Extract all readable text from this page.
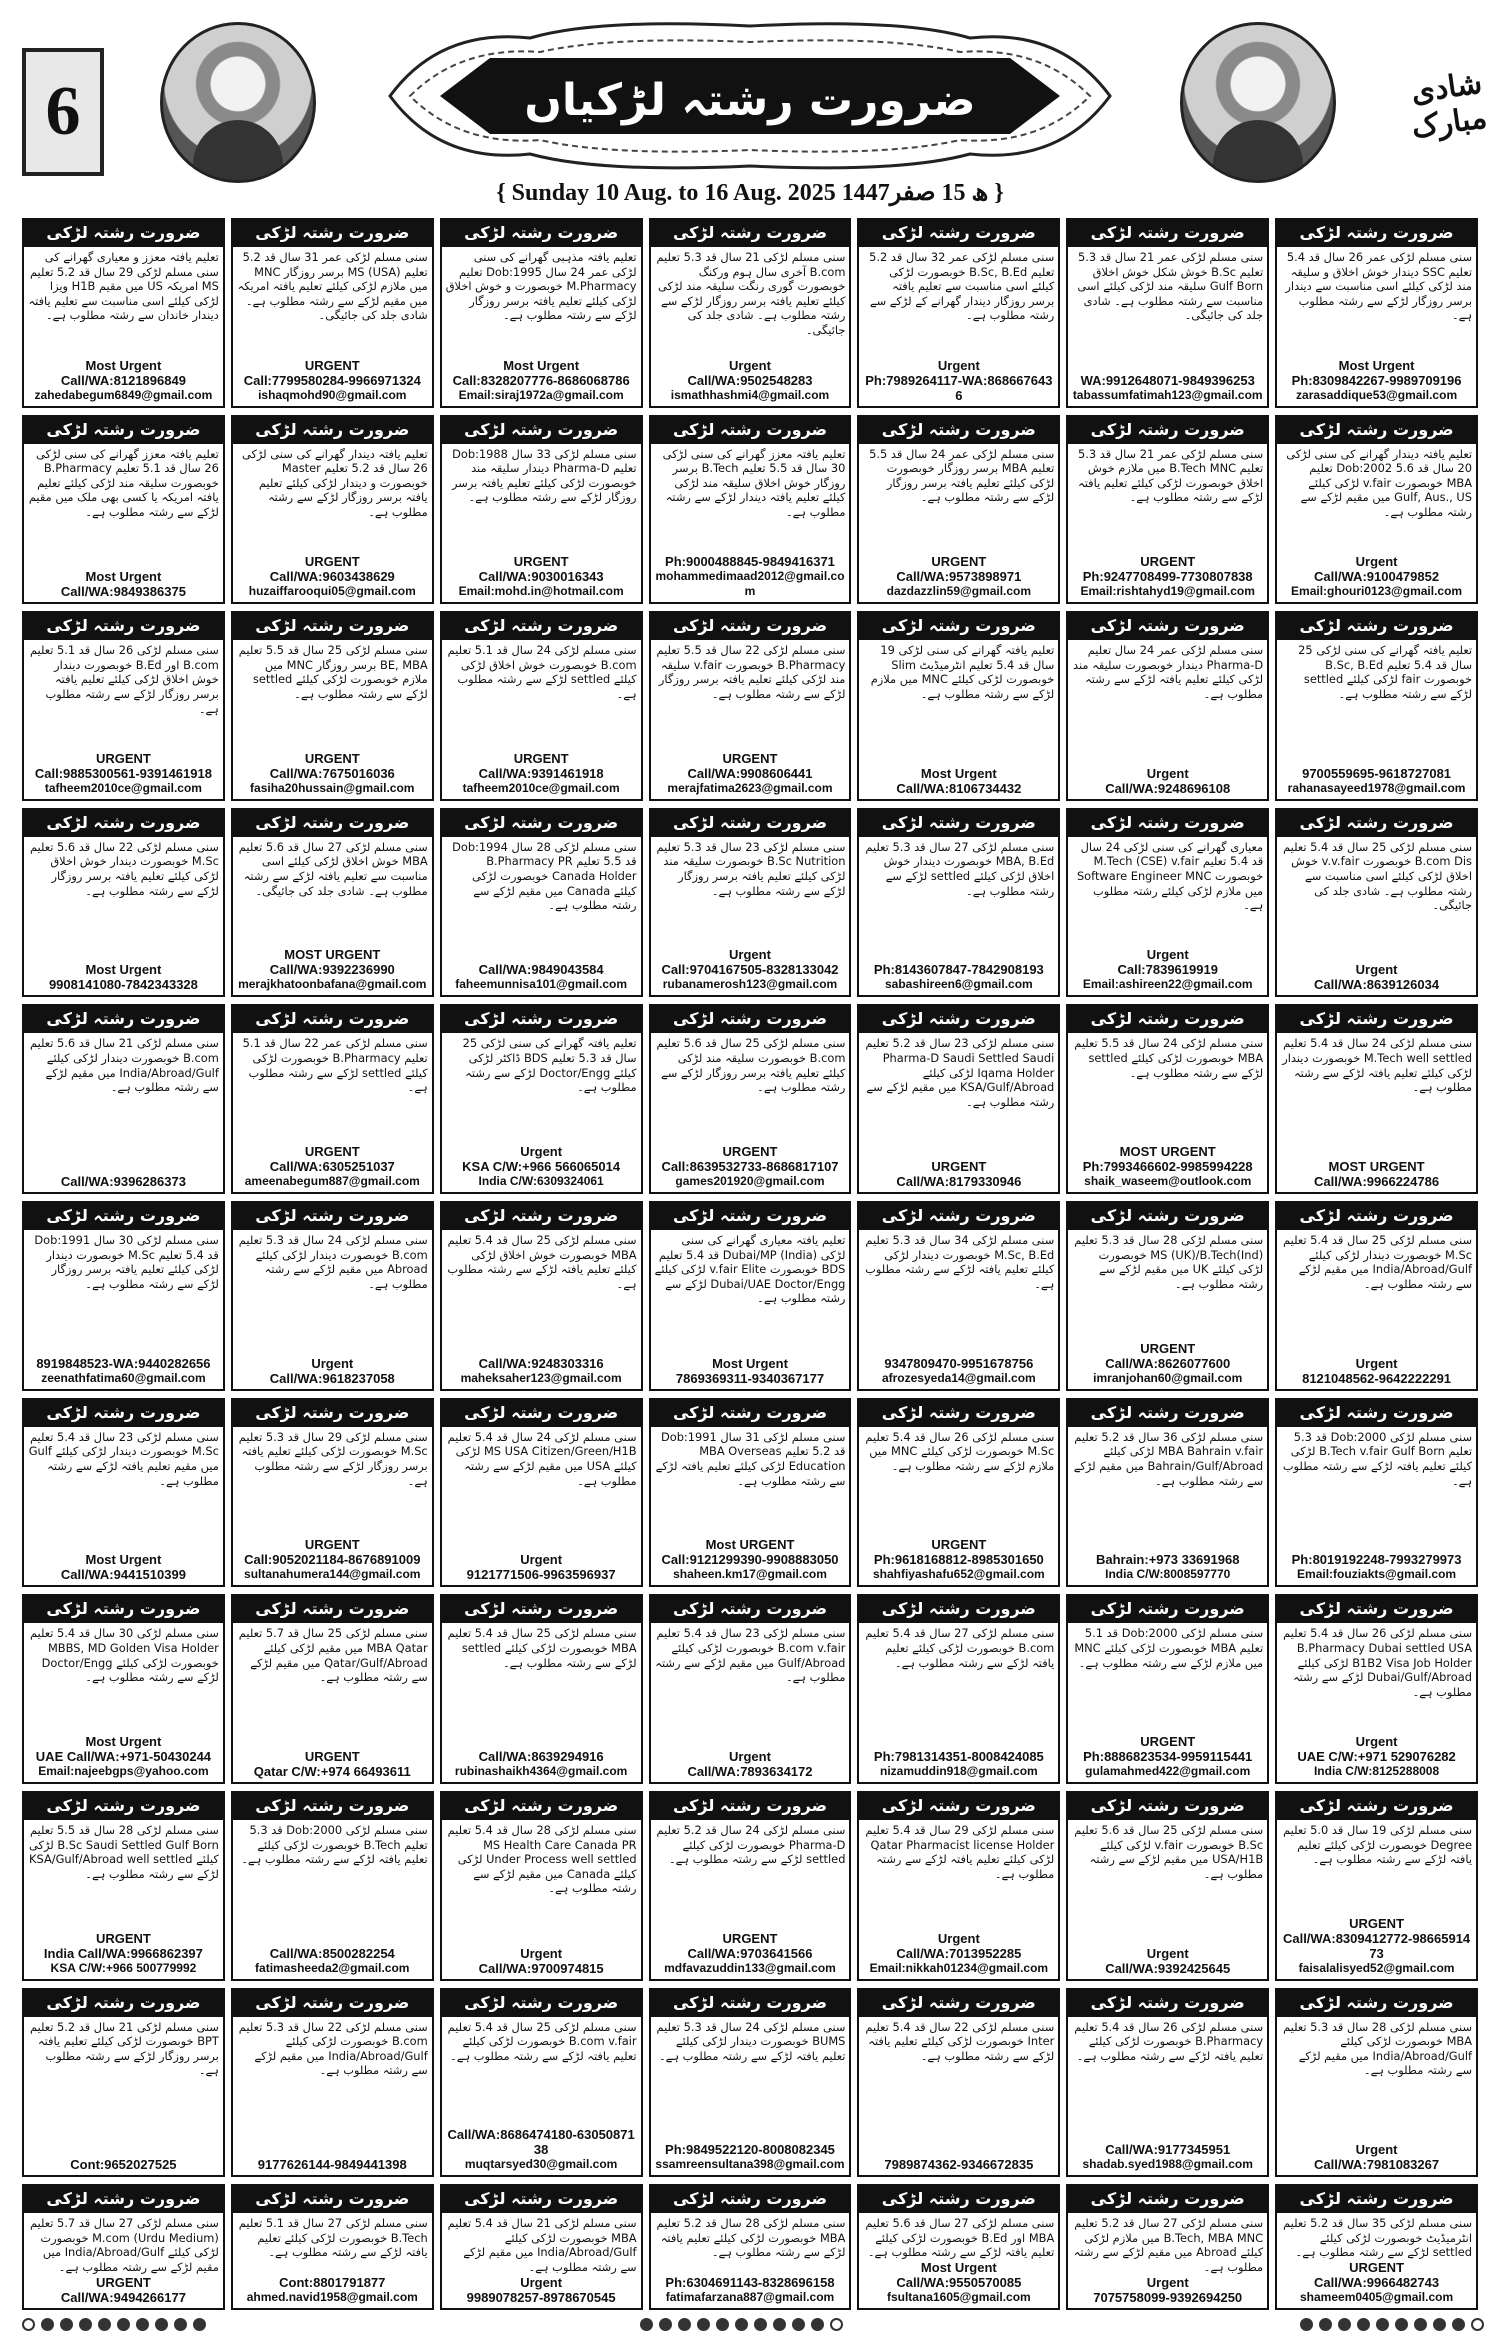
6	ضرورت رشتہ لڑکیاں	شادی مبارک
{ Sunday 10 Aug. to 16 Aug. 2025 1447ھ 15 صفر }
ضرورت رشتہ لڑکی
تعلیم یافتہ معزز و معیاری گھرانے کی سنی مسلم لڑکی 29 سال قد 5.2 تعلیم MS امریکہ US میں مقیم H1B ویزا لڑکی کیلئے اسی مناسبت سے تعلیم یافتہ دیندار خاندان سے رشتہ مطلوب ہے۔
Most Urgent
Call/WA:8121896849
zahedabegum6849@gmail.com
ضرورت رشتہ لڑکی
سنی مسلم لڑکی عمر 31 سال قد 5.2 تعلیم MS (USA) برسر روزگار MNC میں ملازم لڑکی کیلئے تعلیم یافتہ امریکہ میں مقیم لڑکے سے رشتہ مطلوب ہے۔ شادی جلد کی جائیگی۔
URGENT
Call:7799580284-9966971324
ishaqmohd90@gmail.com
ضرورت رشتہ لڑکی
تعلیم یافتہ مذہبی گھرانے کی سنی لڑکی عمر 24 سال Dob:1995 تعلیم M.Pharmacy خوبصورت و خوش اخلاق لڑکی کیلئے تعلیم یافتہ برسر روزگار لڑکے سے رشتہ مطلوب ہے۔
Most Urgent
Call:8328207776-8686068786
Email:siraj1972a@gmail.com
ضرورت رشتہ لڑکی
سنی مسلم لڑکی 21 سال قد 5.3 تعلیم B.com آخری سال ہوم ورکنگ خوبصورت گوری رنگت سلیقہ مند لڑکی کیلئے تعلیم یافتہ برسر روزگار لڑکے سے رشتہ مطلوب ہے۔ شادی جلد کی جائیگی۔
Urgent
Call/WA:9502548283
ismathhashmi4@gmail.com
ضرورت رشتہ لڑکی
سنی مسلم لڑکی عمر 32 سال قد 5.2 تعلیم B.Sc, B.Ed خوبصورت لڑکی کیلئے اسی مناسبت سے تعلیم یافتہ برسر روزگار دیندار گھرانے کے لڑکے سے رشتہ مطلوب ہے۔
Urgent
Ph:7989264117-WA:8686676436
ضرورت رشتہ لڑکی
سنی مسلم لڑکی عمر 21 سال قد 5.3 تعلیم B.Sc خوش شکل خوش اخلاق Gulf Born سلیقہ مند لڑکی کیلئے اسی مناسبت سے رشتہ مطلوب ہے۔ شادی جلد کی جائیگی۔
WA:9912648071-9849396253
tabassumfatimah123@gmail.com
ضرورت رشتہ لڑکی
سنی مسلم لڑکی عمر 26 سال قد 5.4 تعلیم SSC دیندار خوش اخلاق و سلیقہ مند لڑکی کیلئے اسی مناسبت سے دیندار برسر روزگار لڑکے سے رشتہ مطلوب ہے۔
Most Urgent
Ph:8309842267-9989709196
zarasaddique53@gmail.com
ضرورت رشتہ لڑکی
تعلیم یافتہ معزز گھرانے کی سنی لڑکی 26 سال قد 5.1 تعلیم B.Pharmacy خوبصورت سلیقہ مند لڑکی کیلئے تعلیم یافتہ امریکہ یا کسی بھی ملک میں مقیم لڑکے سے رشتہ مطلوب ہے۔
Most Urgent
Call/WA:9849386375
ضرورت رشتہ لڑکی
تعلیم یافتہ دیندار گھرانے کی سنی لڑکی 26 سال قد 5.2 تعلیم Master خوبصورت و دیندار لڑکی کیلئے تعلیم یافتہ برسر روزگار لڑکے سے رشتہ مطلوب ہے۔
URGENT
Call/WA:9603438629
huzaiffarooqui05@gmail.com
ضرورت رشتہ لڑکی
سنی مسلم لڑکی 33 سال Dob:1988 تعلیم Pharma-D دیندار سلیقہ مند خوبصورت لڑکی کیلئے تعلیم یافتہ برسر روزگار لڑکے سے رشتہ مطلوب ہے۔
URGENT
Call/WA:9030016343
Email:mohd.in@hotmail.com
ضرورت رشتہ لڑکی
تعلیم یافتہ معزز گھرانے کی سنی لڑکی 30 سال قد 5.5 تعلیم B.Tech برسر روزگار خوش اخلاق سلیقہ مند لڑکی کیلئے تعلیم یافتہ دیندار لڑکے سے رشتہ مطلوب ہے۔
Ph:9000488845-9849416371
mohammedimaad2012@gmail.com
ضرورت رشتہ لڑکی
سنی مسلم لڑکی عمر 24 سال قد 5.5 تعلیم MBA برسر روزگار خوبصورت لڑکی کیلئے تعلیم یافتہ برسر روزگار لڑکے سے رشتہ مطلوب ہے۔
URGENT
Call/WA:9573898971
dazdazzlin59@gmail.com
ضرورت رشتہ لڑکی
سنی مسلم لڑکی عمر 21 سال قد 5.3 تعلیم B.Tech MNC میں ملازم خوش اخلاق خوبصورت لڑکی کیلئے تعلیم یافتہ لڑکے سے رشتہ مطلوب ہے۔
URGENT
Ph:9247708499-7730807838
Email:rishtahyd19@gmail.com
ضرورت رشتہ لڑکی
تعلیم یافتہ دیندار گھرانے کی سنی لڑکی 20 سال قد 5.6 Dob:2002 تعلیم MBA خوبصورت v.fair لڑکی کیلئے Gulf, Aus., US میں مقیم لڑکے سے رشتہ مطلوب ہے۔
Urgent
Call/WA:9100479852
Email:ghouri0123@gmail.com
ضرورت رشتہ لڑکی
سنی مسلم لڑکی 26 سال قد 5.1 تعلیم B.com اور B.Ed خوبصورت دیندار خوش اخلاق لڑکی کیلئے تعلیم یافتہ برسر روزگار لڑکے سے رشتہ مطلوب ہے۔
URGENT
Call:9885300561-9391461918
tafheem2010ce@gmail.com
ضرورت رشتہ لڑکی
سنی مسلم لڑکی 25 سال قد 5.5 تعلیم BE, MBA برسر روزگار MNC میں ملازم خوبصورت لڑکی کیلئے settled لڑکے سے رشتہ مطلوب ہے۔
URGENT
Call/WA:7675016036
fasiha20hussain@gmail.com
ضرورت رشتہ لڑکی
سنی مسلم لڑکی 24 سال قد 5.1 تعلیم B.com خوبصورت خوش اخلاق لڑکی کیلئے settled لڑکے سے رشتہ مطلوب ہے۔
URGENT
Call/WA:9391461918
tafheem2010ce@gmail.com
ضرورت رشتہ لڑکی
سنی مسلم لڑکی 22 سال قد 5.5 تعلیم B.Pharmacy خوبصورت v.fair سلیقہ مند لڑکی کیلئے تعلیم یافتہ برسر روزگار لڑکے سے رشتہ مطلوب ہے۔
URGENT
Call/WA:9908606441
merajfatima2623@gmail.com
ضرورت رشتہ لڑکی
تعلیم یافتہ گھرانے کی سنی لڑکی 19 سال قد 5.4 تعلیم انٹرمیڈیٹ Slim خوبصورت لڑکی کیلئے MNC میں ملازم لڑکے سے رشتہ مطلوب ہے۔
Most Urgent
Call/WA:8106734432
ضرورت رشتہ لڑکی
سنی مسلم لڑکی عمر 24 سال تعلیم Pharma-D دیندار خوبصورت سلیقہ مند لڑکی کیلئے تعلیم یافتہ لڑکے سے رشتہ مطلوب ہے۔
Urgent
Call/WA:9248696108
ضرورت رشتہ لڑکی
تعلیم یافتہ گھرانے کی سنی لڑکی 25 سال قد 5.4 تعلیم B.Sc, B.Ed خوبصورت fair لڑکی کیلئے settled لڑکے سے رشتہ مطلوب ہے۔
9700559695-9618727081
rahanasayeed1978@gmail.com
ضرورت رشتہ لڑکی
سنی مسلم لڑکی 22 سال قد 5.6 تعلیم M.Sc خوبصورت دیندار خوش اخلاق لڑکی کیلئے تعلیم یافتہ برسر روزگار لڑکے سے رشتہ مطلوب ہے۔
Most Urgent
9908141080-7842343328
ضرورت رشتہ لڑکی
سنی مسلم لڑکی 27 سال قد 5.6 تعلیم MBA خوش اخلاق لڑکی کیلئے اسی مناسبت سے تعلیم یافتہ لڑکے سے رشتہ مطلوب ہے۔ شادی جلد کی جائیگی۔
MOST URGENT
Call/WA:9392236990
merajkhatoonbafana@gmail.com
ضرورت رشتہ لڑکی
سنی مسلم لڑکی 28 سال Dob:1994 قد 5.5 تعلیم B.Pharmacy PR Canada Holder خوبصورت لڑکی کیلئے Canada میں مقیم لڑکے سے رشتہ مطلوب ہے۔
Call/WA:9849043584
faheemunnisa101@gmail.com
ضرورت رشتہ لڑکی
سنی مسلم لڑکی 23 سال قد 5.3 تعلیم B.Sc Nutrition خوبصورت سلیقہ مند لڑکی کیلئے تعلیم یافتہ برسر روزگار لڑکے سے رشتہ مطلوب ہے۔
Urgent
Call:9704167505-8328133042
rubanamerosh123@gmail.com
ضرورت رشتہ لڑکی
سنی مسلم لڑکی 27 سال قد 5.3 تعلیم MBA, B.Ed خوبصورت دیندار خوش اخلاق لڑکی کیلئے settled لڑکے سے رشتہ مطلوب ہے۔
Ph:8143607847-7842908193
sabashireen6@gmail.com
ضرورت رشتہ لڑکی
معیاری گھرانے کی سنی لڑکی 24 سال قد 5.4 تعلیم M.Tech (CSE) v.fair خوبصورت Software Engineer MNC میں ملازم لڑکی کیلئے رشتہ مطلوب ہے۔
Urgent
Call:7839619919
Email:ashireen22@gmail.com
ضرورت رشتہ لڑکی
سنی مسلم لڑکی 25 سال قد 5.4 تعلیم B.com Dis خوبصورت v.v.fair خوش اخلاق لڑکی کیلئے اسی مناسبت سے رشتہ مطلوب ہے۔ شادی جلد کی جائیگی۔
Urgent
Call/WA:8639126034
ضرورت رشتہ لڑکی
سنی مسلم لڑکی 21 سال قد 5.6 تعلیم B.com خوبصورت دیندار لڑکی کیلئے India/Abroad/Gulf میں مقیم لڑکے سے رشتہ مطلوب ہے۔
Call/WA:9396286373
ضرورت رشتہ لڑکی
سنی مسلم لڑکی عمر 22 سال قد 5.1 تعلیم B.Pharmacy خوبصورت لڑکی کیلئے settled لڑکے سے رشتہ مطلوب ہے۔
URGENT
Call/WA:6305251037
ameenabegum887@gmail.com
ضرورت رشتہ لڑکی
تعلیم یافتہ گھرانے کی سنی لڑکی 25 سال قد 5.3 تعلیم BDS ڈاکٹر لڑکی کیلئے Doctor/Engg لڑکے سے رشتہ مطلوب ہے۔
Urgent
KSA C/W:+966 566065014
India C/W:6309324061
ضرورت رشتہ لڑکی
سنی مسلم لڑکی 25 سال قد 5.6 تعلیم B.com خوبصورت سلیقہ مند لڑکی کیلئے تعلیم یافتہ برسر روزگار لڑکے سے رشتہ مطلوب ہے۔
URGENT
Call:8639532733-8686817107
games201920@gmail.com
ضرورت رشتہ لڑکی
سنی مسلم لڑکی 23 سال قد 5.2 تعلیم Pharma-D Saudi Settled Saudi Iqama Holder لڑکی کیلئے KSA/Gulf/Abroad میں مقیم لڑکے سے رشتہ مطلوب ہے۔
URGENT
Call/WA:8179330946
ضرورت رشتہ لڑکی
سنی مسلم لڑکی 24 سال قد 5.5 تعلیم MBA خوبصورت لڑکی کیلئے settled لڑکے سے رشتہ مطلوب ہے۔
MOST URGENT
Ph:7993466602-9985994228
shaik_waseem@outlook.com
ضرورت رشتہ لڑکی
سنی مسلم لڑکی 24 سال قد 5.4 تعلیم M.Tech well settled خوبصورت دیندار لڑکی کیلئے تعلیم یافتہ لڑکے سے رشتہ مطلوب ہے۔
MOST URGENT
Call/WA:9966224786
ضرورت رشتہ لڑکی
سنی مسلم لڑکی 30 سال Dob:1991 قد 5.4 تعلیم M.Sc خوبصورت دیندار لڑکی کیلئے تعلیم یافتہ برسر روزگار لڑکے سے رشتہ مطلوب ہے۔
8919848523-WA:9440282656
zeenathfatima60@gmail.com
ضرورت رشتہ لڑکی
سنی مسلم لڑکی 24 سال قد 5.3 تعلیم B.com خوبصورت دیندار لڑکی کیلئے Abroad میں مقیم لڑکے سے رشتہ مطلوب ہے۔
Urgent
Call/WA:9618237058
ضرورت رشتہ لڑکی
سنی مسلم لڑکی 25 سال قد 5.4 تعلیم MBA خوبصورت خوش اخلاق لڑکی کیلئے تعلیم یافتہ لڑکے سے رشتہ مطلوب ہے۔
Call/WA:9248303316
maheksaher123@gmail.com
ضرورت رشتہ لڑکی
تعلیم یافتہ معیاری گھرانے کی سنی لڑکی Dubai/MP (India) قد 5.4 تعلیم BDS خوبصورت v.fair Elite لڑکی کیلئے Dubai/UAE Doctor/Engg لڑکے سے رشتہ مطلوب ہے۔
Most Urgent
7869369311-9340367177
ضرورت رشتہ لڑکی
سنی مسلم لڑکی 34 سال قد 5.3 تعلیم M.Sc, B.Ed خوبصورت دیندار لڑکی کیلئے تعلیم یافتہ لڑکے سے رشتہ مطلوب ہے۔
9347809470-9951678756
afrozesyeda14@gmail.com
ضرورت رشتہ لڑکی
سنی مسلم لڑکی 28 سال قد 5.3 تعلیم MS (UK)/B.Tech(Ind) خوبصورت لڑکی کیلئے UK میں مقیم لڑکے سے رشتہ مطلوب ہے۔
URGENT
Call/WA:8626077600
imranjohan60@gmail.com
ضرورت رشتہ لڑکی
سنی مسلم لڑکی 25 سال قد 5.4 تعلیم M.Sc خوبصورت دیندار لڑکی کیلئے India/Abroad/Gulf میں مقیم لڑکے سے رشتہ مطلوب ہے۔
Urgent
8121048562-9642222291
ضرورت رشتہ لڑکی
سنی مسلم لڑکی 23 سال قد 5.4 تعلیم M.Sc خوبصورت دیندار لڑکی کیلئے Gulf میں مقیم تعلیم یافتہ لڑکے سے رشتہ مطلوب ہے۔
Most Urgent
Call/WA:9441510399
ضرورت رشتہ لڑکی
سنی مسلم لڑکی 29 سال قد 5.3 تعلیم M.Sc خوبصورت لڑکی کیلئے تعلیم یافتہ برسر روزگار لڑکے سے رشتہ مطلوب ہے۔
URGENT
Call:9052021184-8676891009
sultanahumera144@gmail.com
ضرورت رشتہ لڑکی
سنی مسلم لڑکی 24 سال قد 5.4 تعلیم MS USA Citizen/Green/H1B لڑکی کیلئے USA میں مقیم لڑکے سے رشتہ مطلوب ہے۔
Urgent
9121771506-9963596937
ضرورت رشتہ لڑکی
سنی مسلم لڑکی 31 سال Dob:1991 قد 5.2 تعلیم MBA Overseas Education لڑکی کیلئے تعلیم یافتہ لڑکے سے رشتہ مطلوب ہے۔
Most URGENT
Call:9121299390-9908883050
shaheen.km17@gmail.com
ضرورت رشتہ لڑکی
سنی مسلم لڑکی 26 سال قد 5.4 تعلیم M.Sc خوبصورت لڑکی کیلئے MNC میں ملازم لڑکے سے رشتہ مطلوب ہے۔
URGENT
Ph:9618168812-8985301650
shahfiyashafu652@gmail.com
ضرورت رشتہ لڑکی
سنی مسلم لڑکی 36 سال قد 5.2 تعلیم MBA Bahrain v.fair لڑکی کیلئے Bahrain/Gulf/Abroad میں مقیم لڑکے سے رشتہ مطلوب ہے۔
Bahrain:+973 33691968
India C/W:8008597770
ضرورت رشتہ لڑکی
سنی مسلم لڑکی Dob:2000 قد 5.3 تعلیم B.Tech v.fair Gulf Born لڑکی کیلئے تعلیم یافتہ لڑکے سے رشتہ مطلوب ہے۔
Ph:8019192248-7993279973
Email:fouziakts@gmail.com
ضرورت رشتہ لڑکی
سنی مسلم لڑکی 30 سال قد 5.4 تعلیم MBBS, MD Golden Visa Holder خوبصورت لڑکی کیلئے Doctor/Engg لڑکے سے رشتہ مطلوب ہے۔
Most Urgent
UAE Call/WA:+971-50430244
Email:najeebgps@yahoo.com
ضرورت رشتہ لڑکی
سنی مسلم لڑکی 25 سال قد 5.7 تعلیم MBA Qatar میں مقیم لڑکی کیلئے Qatar/Gulf/Abroad میں مقیم لڑکے سے رشتہ مطلوب ہے۔
URGENT
Qatar C/W:+974 66493611
ضرورت رشتہ لڑکی
سنی مسلم لڑکی 25 سال قد 5.4 تعلیم MBA خوبصورت لڑکی کیلئے settled لڑکے سے رشتہ مطلوب ہے۔
Call/WA:8639294916
rubinashaikh4364@gmail.com
ضرورت رشتہ لڑکی
سنی مسلم لڑکی 23 سال قد 5.4 تعلیم B.com v.fair خوبصورت لڑکی کیلئے Gulf/Abroad میں مقیم لڑکے سے رشتہ مطلوب ہے۔
Urgent
Call/WA:7893634172
ضرورت رشتہ لڑکی
سنی مسلم لڑکی 27 سال قد 5.4 تعلیم B.com خوبصورت لڑکی کیلئے تعلیم یافتہ لڑکے سے رشتہ مطلوب ہے۔
Ph:7981314351-8008424085
nizamuddin918@gmail.com
ضرورت رشتہ لڑکی
سنی مسلم لڑکی Dob:2000 قد 5.1 تعلیم MBA خوبصورت لڑکی کیلئے MNC میں ملازم لڑکے سے رشتہ مطلوب ہے۔
URGENT
Ph:8886823534-9959115441
gulamahmed422@gmail.com
ضرورت رشتہ لڑکی
سنی مسلم لڑکی 26 سال قد 5.4 تعلیم B.Pharmacy Dubai settled USA B1B2 Visa Job Holder لڑکی کیلئے Dubai/Gulf/Abroad لڑکے سے رشتہ مطلوب ہے۔
Urgent
UAE C/W:+971 529076282
India C/W:8125288008
ضرورت رشتہ لڑکی
سنی مسلم لڑکی 28 سال قد 5.5 تعلیم B.Sc Saudi Settled Gulf Born لڑکی کیلئے KSA/Gulf/Abroad well settled لڑکے سے رشتہ مطلوب ہے۔
URGENT
India Call/WA:9966862397
KSA C/W:+966 500779992
ضرورت رشتہ لڑکی
سنی مسلم لڑکی Dob:2000 قد 5.3 تعلیم B.Tech خوبصورت لڑکی کیلئے تعلیم یافتہ لڑکے سے رشتہ مطلوب ہے۔
Call/WA:8500282254
fatimasheeda2@gmail.com
ضرورت رشتہ لڑکی
سنی مسلم لڑکی 28 سال قد 5.4 تعلیم MS Health Care Canada PR Under Process well settled لڑکی کیلئے Canada میں مقیم لڑکے سے رشتہ مطلوب ہے۔
Urgent
Call/WA:9700974815
ضرورت رشتہ لڑکی
سنی مسلم لڑکی 24 سال قد 5.2 تعلیم Pharma-D خوبصورت لڑکی کیلئے settled لڑکے سے رشتہ مطلوب ہے۔
URGENT
Call/WA:9703641566
mdfavazuddin133@gmail.com
ضرورت رشتہ لڑکی
سنی مسلم لڑکی 29 سال قد 5.4 تعلیم Qatar Pharmacist license Holder لڑکی کیلئے تعلیم یافتہ لڑکے سے رشتہ مطلوب ہے۔
Urgent
Call/WA:7013952285
Email:nikkah01234@gmail.com
ضرورت رشتہ لڑکی
سنی مسلم لڑکی 25 سال قد 5.6 تعلیم B.Sc خوبصورت v.fair لڑکی کیلئے USA/H1B میں مقیم لڑکے سے رشتہ مطلوب ہے۔
Urgent
Call/WA:9392425645
ضرورت رشتہ لڑکی
سنی مسلم لڑکی 19 سال قد 5.0 تعلیم Degree خوبصورت لڑکی کیلئے تعلیم یافتہ لڑکے سے رشتہ مطلوب ہے۔
URGENT
Call/WA:8309412772-9866591473
faisalalisyed52@gmail.com
ضرورت رشتہ لڑکی
سنی مسلم لڑکی 21 سال قد 5.2 تعلیم BPT خوبصورت لڑکی کیلئے تعلیم یافتہ برسر روزگار لڑکے سے رشتہ مطلوب ہے۔
Cont:9652027525
ضرورت رشتہ لڑکی
سنی مسلم لڑکی 22 سال قد 5.3 تعلیم B.com خوبصورت لڑکی کیلئے India/Abroad/Gulf میں مقیم لڑکے سے رشتہ مطلوب ہے۔
9177626144-9849441398
ضرورت رشتہ لڑکی
سنی مسلم لڑکی 25 سال قد 5.4 تعلیم B.com v.fair خوبصورت لڑکی کیلئے تعلیم یافتہ لڑکے سے رشتہ مطلوب ہے۔
Call/WA:8686474180-6305087138
muqtarsyed30@gmail.com
ضرورت رشتہ لڑکی
سنی مسلم لڑکی 24 سال قد 5.3 تعلیم BUMS خوبصورت دیندار لڑکی کیلئے تعلیم یافتہ لڑکے سے رشتہ مطلوب ہے۔
Ph:9849522120-8008082345
ssamreensultana398@gmail.com
ضرورت رشتہ لڑکی
سنی مسلم لڑکی 22 سال قد 5.4 تعلیم Inter خوبصورت لڑکی کیلئے تعلیم یافتہ لڑکے سے رشتہ مطلوب ہے۔
7989874362-9346672835
ضرورت رشتہ لڑکی
سنی مسلم لڑکی 26 سال قد 5.4 تعلیم B.Pharmacy خوبصورت لڑکی کیلئے تعلیم یافتہ لڑکے سے رشتہ مطلوب ہے۔
Call/WA:9177345951
shadab.syed1988@gmail.com
ضرورت رشتہ لڑکی
سنی مسلم لڑکی 28 سال قد 5.3 تعلیم MBA خوبصورت لڑکی کیلئے India/Abroad/Gulf میں مقیم لڑکے سے رشتہ مطلوب ہے۔
Urgent
Call/WA:7981083267
ضرورت رشتہ لڑکی
سنی مسلم لڑکی 27 سال قد 5.7 تعلیم M.com (Urdu Medium) خوبصورت لڑکی کیلئے India/Abroad/Gulf میں مقیم لڑکے سے رشتہ مطلوب ہے۔
URGENT
Call/WA:9494266177
ضرورت رشتہ لڑکی
سنی مسلم لڑکی 27 سال قد 5.1 تعلیم B.Tech خوبصورت لڑکی کیلئے تعلیم یافتہ لڑکے سے رشتہ مطلوب ہے۔
Cont:8801791877
ahmed.navid1958@gmail.com
ضرورت رشتہ لڑکی
سنی مسلم لڑکی 21 سال قد 5.4 تعلیم MBA خوبصورت لڑکی کیلئے India/Abroad/Gulf میں مقیم لڑکے سے رشتہ مطلوب ہے۔
Urgent
9989078257-8978670545
ضرورت رشتہ لڑکی
سنی مسلم لڑکی 28 سال قد 5.2 تعلیم MBA خوبصورت لڑکی کیلئے تعلیم یافتہ لڑکے سے رشتہ مطلوب ہے۔
Ph:6304691143-8328696158
fatimafarzana887@gmail.com
ضرورت رشتہ لڑکی
سنی مسلم لڑکی 27 سال قد 5.6 تعلیم MBA اور B.Ed خوبصورت لڑکی کیلئے تعلیم یافتہ لڑکے سے رشتہ مطلوب ہے۔
Most Urgent
Call/WA:9550570085
fsultana1605@gmail.com
ضرورت رشتہ لڑکی
سنی مسلم لڑکی 27 سال قد 5.2 تعلیم B.Tech, MBA MNC میں ملازم لڑکی کیلئے Abroad میں مقیم لڑکے سے رشتہ مطلوب ہے۔
Urgent
7075758099-9392694250
ضرورت رشتہ لڑکی
سنی مسلم لڑکی 35 سال قد 5.2 تعلیم انٹرمیڈیٹ خوبصورت لڑکی کیلئے settled لڑکے سے رشتہ مطلوب ہے۔
URGENT
Call/WA:9966482743
shameem0405@gmail.com
